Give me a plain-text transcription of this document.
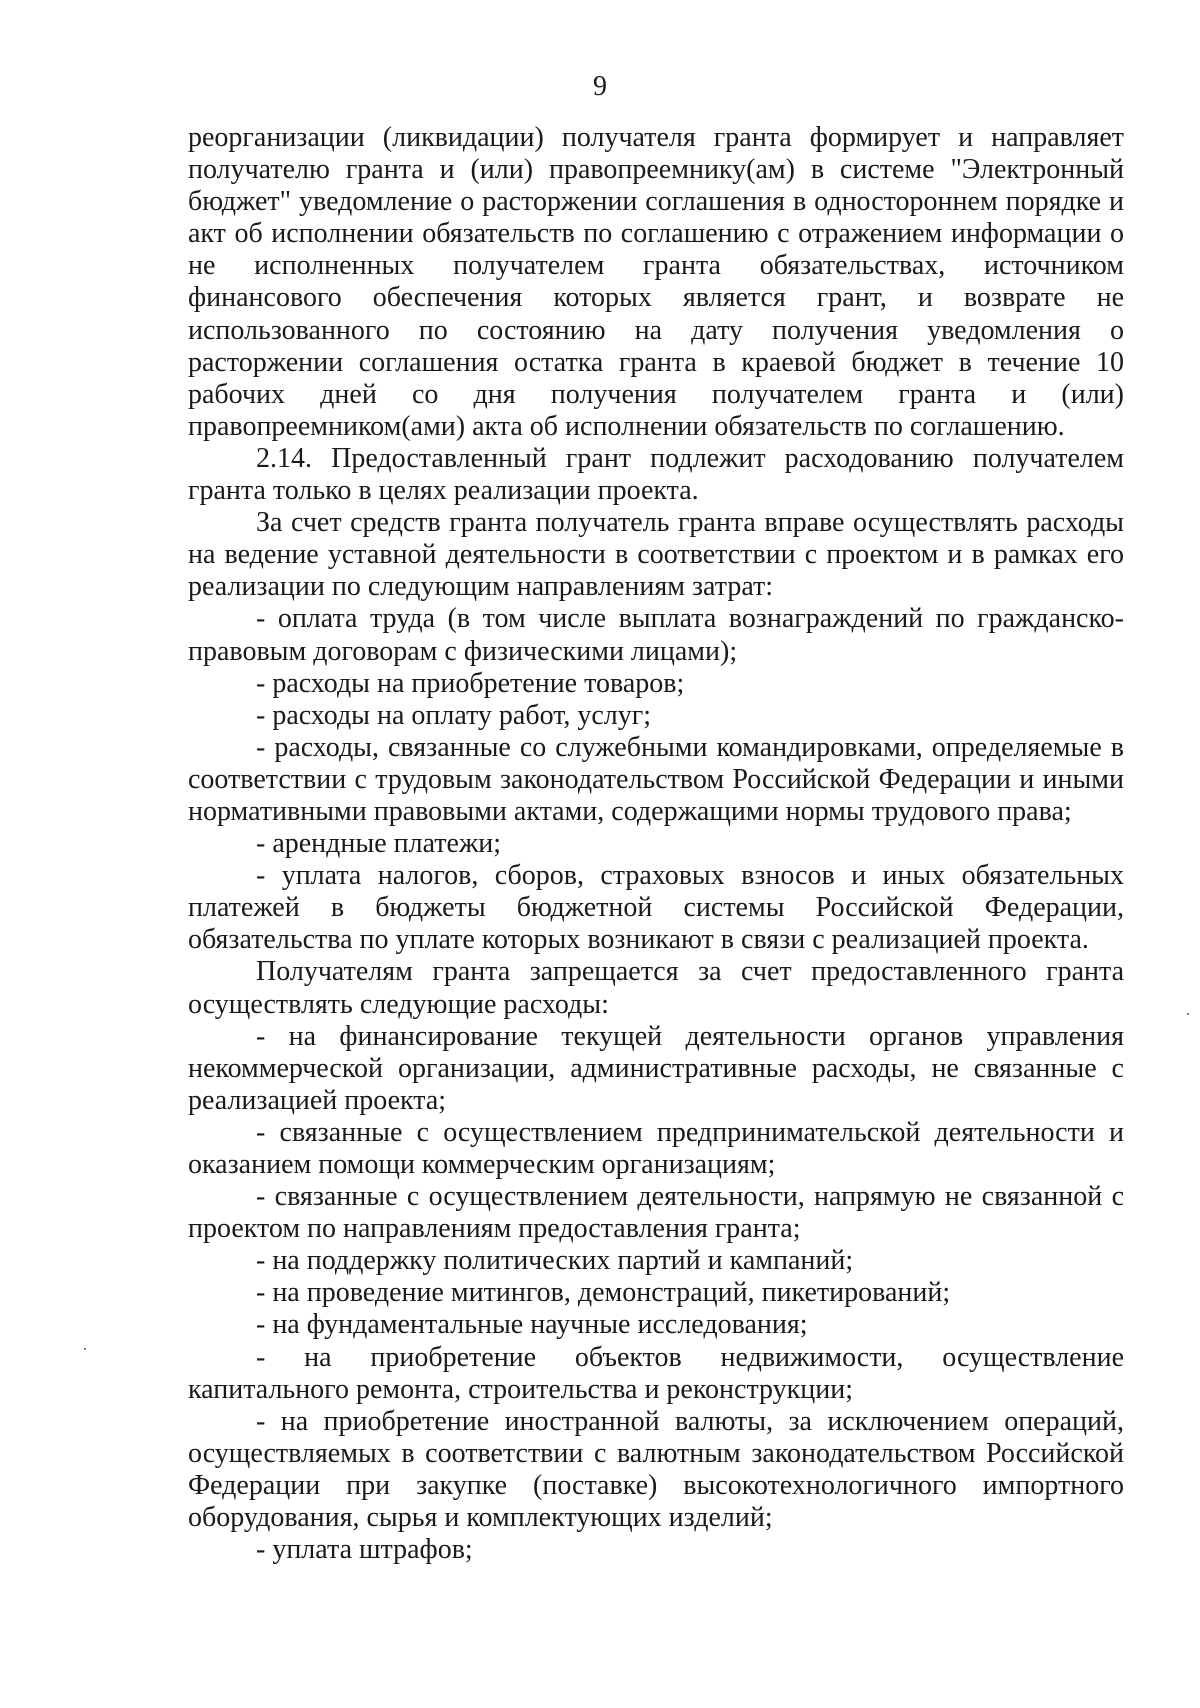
9

реорганизации (ликвидации) получателя гранта формирует и направляет получателю гранта и (или) правопреемнику(ам) в системе "Электронный бюджет" уведомление о расторжении соглашения в одностороннем порядке и акт об исполнении обязательств по соглашению с отражением информации о не исполненных получателем гранта обязательствах, источником финансового обеспечения которых является грант, и возврате не использованного по состоянию на дату получения уведомления о расторжении соглашения остатка гранта в краевой бюджет в течение 10 рабочих дней со дня получения получателем гранта и (или) правопреемником(ами) акта об исполнении обязательств по соглашению.

2.14. Предоставленный грант подлежит расходованию получателем гранта только в целях реализации проекта.

За счет средств гранта получатель гранта вправе осуществлять расходы на ведение уставной деятельности в соответствии с проектом и в рамках его реализации по следующим направлениям затрат:

- оплата труда (в том числе выплата вознаграждений по гражданско-правовым договорам с физическими лицами);

- расходы на приобретение товаров;

- расходы на оплату работ, услуг;

- расходы, связанные со служебными командировками, определяемые в соответствии с трудовым законодательством Российской Федерации и иными нормативными правовыми актами, содержащими нормы трудового права;

- арендные платежи;

- уплата налогов, сборов, страховых взносов и иных обязательных платежей в бюджеты бюджетной системы Российской Федерации, обязательства по уплате которых возникают в связи с реализацией проекта.

Получателям гранта запрещается за счет предоставленного гранта осуществлять следующие расходы:

- на финансирование текущей деятельности органов управления некоммерческой организации, административные расходы, не связанные с реализацией проекта;

- связанные с осуществлением предпринимательской деятельности и оказанием помощи коммерческим организациям;

- связанные с осуществлением деятельности, напрямую не связанной с проектом по направлениям предоставления гранта;

- на поддержку политических партий и кампаний;

- на проведение митингов, демонстраций, пикетирований;

- на фундаментальные научные исследования;

- на приобретение объектов недвижимости, осуществление капитального ремонта, строительства и реконструкции;

- на приобретение иностранной валюты, за исключением операций, осуществляемых в соответствии с валютным законодательством Российской Федерации при закупке (поставке) высокотехнологичного импортного оборудования, сырья и комплектующих изделий;

- уплата штрафов;
